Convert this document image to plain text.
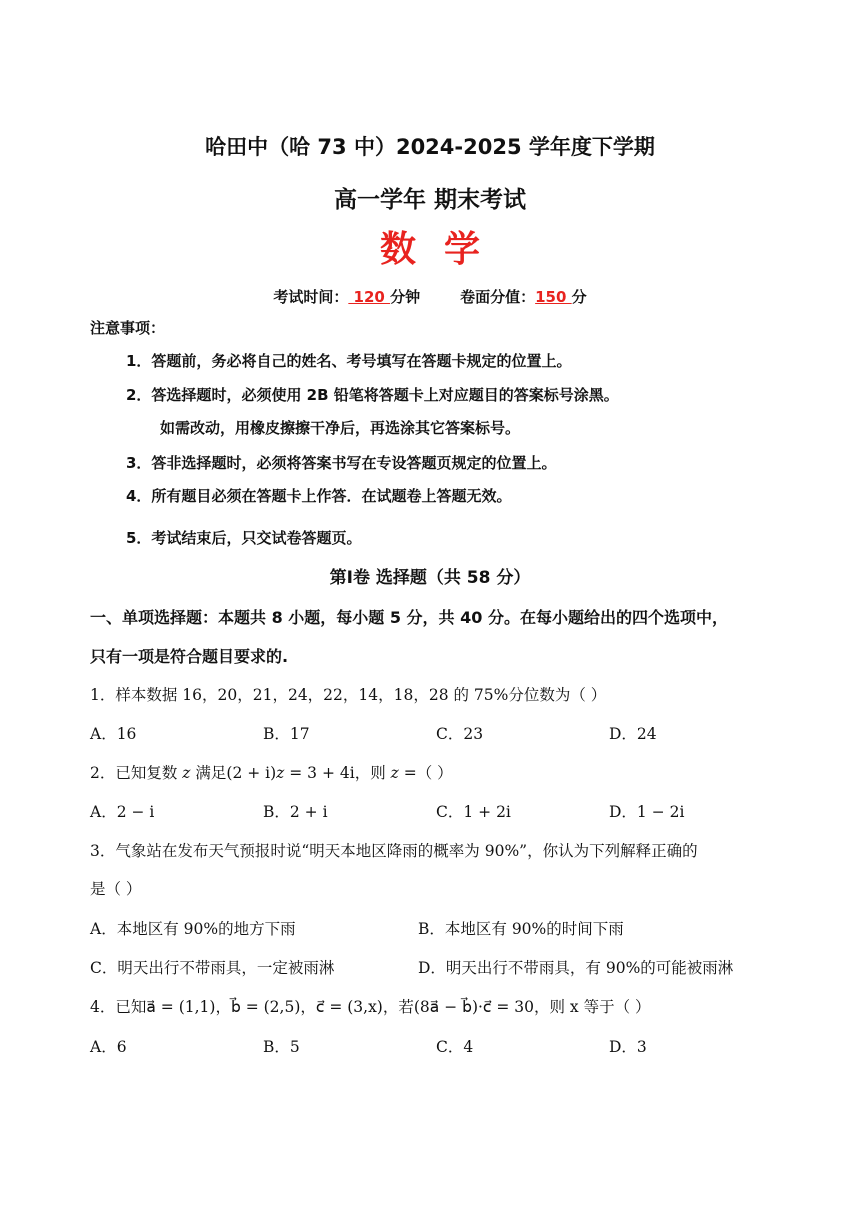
哈田中（哈 73 中）2024-2025 学年度下学期
高一学年 期末考试
数学
考试时间： 120 分钟	卷面分值：150 分
注意事项：
1．答题前，务必将自己的姓名、考号填写在答题卡规定的位置上。
2．答选择题时，必须使用 2B 铅笔将答题卡上对应题目的答案标号涂黑。
如需改动，用橡皮擦擦干净后，再选涂其它答案标号。
3．答非选择题时，必须将答案书写在专设答题页规定的位置上。
4．所有题目必须在答题卡上作答．在试题卷上答题无效。
5．考试结束后，只交试卷答题页。
第Ⅰ卷 选择题（共 58 分）
一、单项选择题：本题共 8 小题，每小题 5 分，共 40 分。在每小题给出的四个选项中，
只有一项是符合题目要求的.
1．样本数据 16，20，21，24，22，14，18，28 的 75%分位数为（ ）
A．16	B．17	C．23	D．24
2．已知复数 z 满足(2 + i)z = 3 + 4i，则 z =（ ）
A．2 − i	B．2 + i	C．1 + 2i	D．1 − 2i
3．气象站在发布天气预报时说“明天本地区降雨的概率为 90%”，你认为下列解释正确的
是（ ）
A．本地区有 90%的地方下雨	B．本地区有 90%的时间下雨
C．明天出行不带雨具，一定被雨淋	D．明天出行不带雨具，有 90%的可能被雨淋
4．已知a⃗ = (1,1)，b⃗ = (2,5)，c⃗ = (3,x)，若(8a⃗ − b⃗)·c⃗ = 30，则 x 等于（ ）
A．6	B．5	C．4	D．3
